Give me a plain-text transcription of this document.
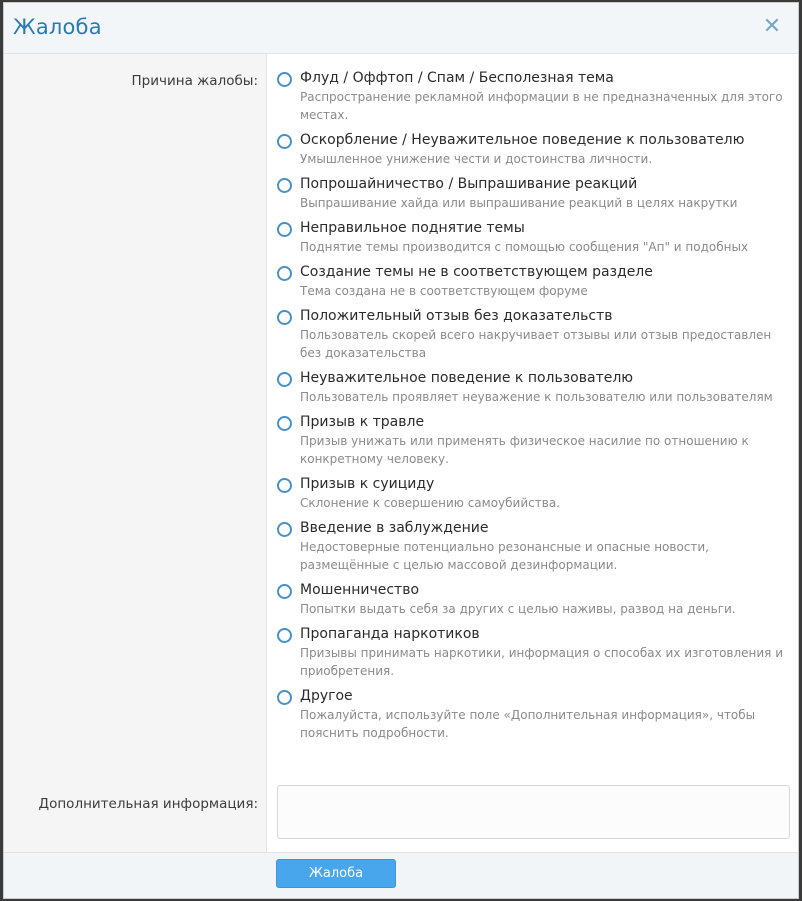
Жалоба	✕
Причина жалобы:
Дополнительная информация:
Флуд / Оффтоп / Спам / Бесполезная тема
Распространение рекламной информации в не предназначенных для этого местах.
Оскорбление / Неуважительное поведение к пользователю
Умышленное унижение чести и достоинства личности.
Попрошайничество / Выпрашивание реакций
Выпрашивание хайда или выпрашивание реакций в целях накрутки
Неправильное поднятие темы
Поднятие темы производится с помощью сообщения "Ап" и подобных
Создание темы не в соответствующем разделе
Тема создана не в соответствующем форуме
Положительный отзыв без доказательств
Пользователь скорей всего накручивает отзывы или отзыв предоставлен без доказательства
Неуважительное поведение к пользователю
Пользователь проявляет неуважение к пользователю или пользователям
Призыв к травле
Призыв унижать или применять физическое насилие по отношению к конкретному человеку.
Призыв к суициду
Склонение к совершению самоубийства.
Введение в заблуждение
Недостоверные потенциально резонансные и опасные новости, размещённые с целью массовой дезинформации.
Мошенничество
Попытки выдать себя за других с целью наживы, развод на деньги.
Пропаганда наркотиков
Призывы принимать наркотики, информация о способах их изготовления и приобретения.
Другое
Пожалуйста, используйте поле «Дополнительная информация», чтобы пояснить подробности.
Жалоба
